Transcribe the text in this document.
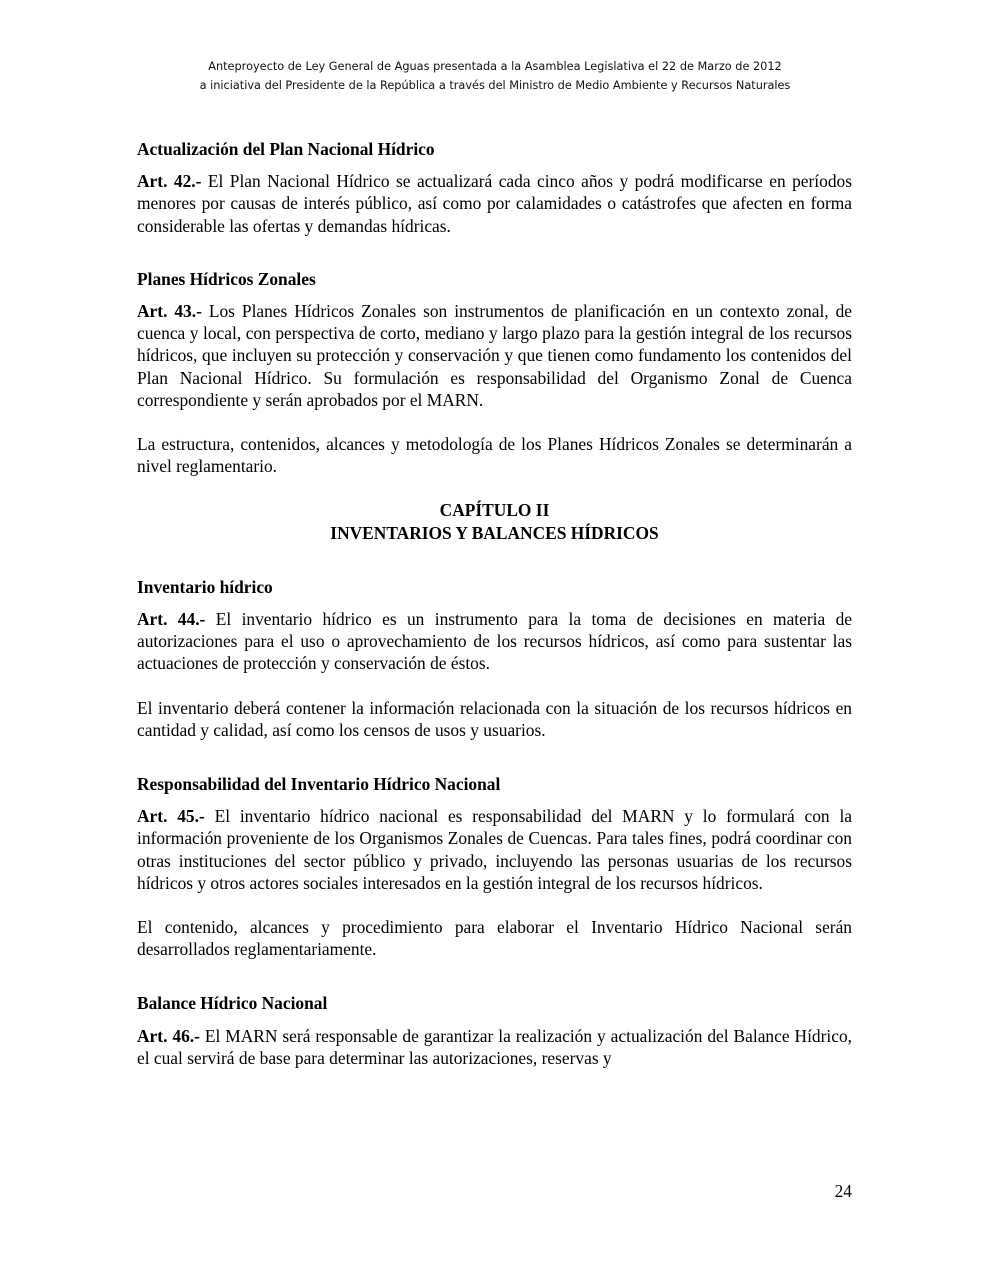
Anteproyecto de Ley General de Aguas presentada a la Asamblea Legislativa el 22 de Marzo de 2012
a iniciativa del Presidente de la República a través del Ministro de Medio Ambiente y Recursos Naturales

Actualización del Plan Nacional Hídrico

Art. 42.- El Plan Nacional Hídrico se actualizará cada cinco años y podrá modificarse en períodos menores por causas de interés público, así como por calamidades o catástrofes que afecten en forma considerable las ofertas y demandas hídricas.

Planes Hídricos Zonales

Art. 43.- Los Planes Hídricos Zonales son instrumentos de planificación en un contexto zonal, de cuenca y local, con perspectiva de corto, mediano y largo plazo para la gestión integral de los recursos hídricos, que incluyen su protección y conservación y que tienen como fundamento los contenidos del Plan Nacional Hídrico. Su formulación es responsabilidad del Organismo Zonal de Cuenca correspondiente y serán aprobados por el MARN.

La estructura, contenidos, alcances y metodología de los Planes Hídricos Zonales se determinarán a nivel reglamentario.

CAPÍTULO II

INVENTARIOS Y BALANCES HÍDRICOS

Inventario hídrico

Art. 44.- El inventario hídrico es un instrumento para la toma de decisiones en materia de autorizaciones para el uso o aprovechamiento de los recursos hídricos, así como para sustentar las actuaciones de protección y conservación de éstos.

El inventario deberá contener la información relacionada con la situación de los recursos hídricos en cantidad y calidad, así como los censos de usos y usuarios.

Responsabilidad del Inventario Hídrico Nacional

Art. 45.- El inventario hídrico nacional es responsabilidad del MARN y lo formulará con la información proveniente de los Organismos Zonales de Cuencas. Para tales fines, podrá coordinar con otras instituciones del sector público y privado, incluyendo las personas usuarias de los recursos hídricos y otros actores sociales interesados en la gestión integral de los recursos hídricos.

El contenido, alcances y procedimiento para elaborar el Inventario Hídrico Nacional serán desarrollados reglamentariamente.

Balance Hídrico Nacional

Art. 46.- El MARN será responsable de garantizar la realización y actualización del Balance Hídrico, el cual servirá de base para determinar las autorizaciones, reservas y

24
